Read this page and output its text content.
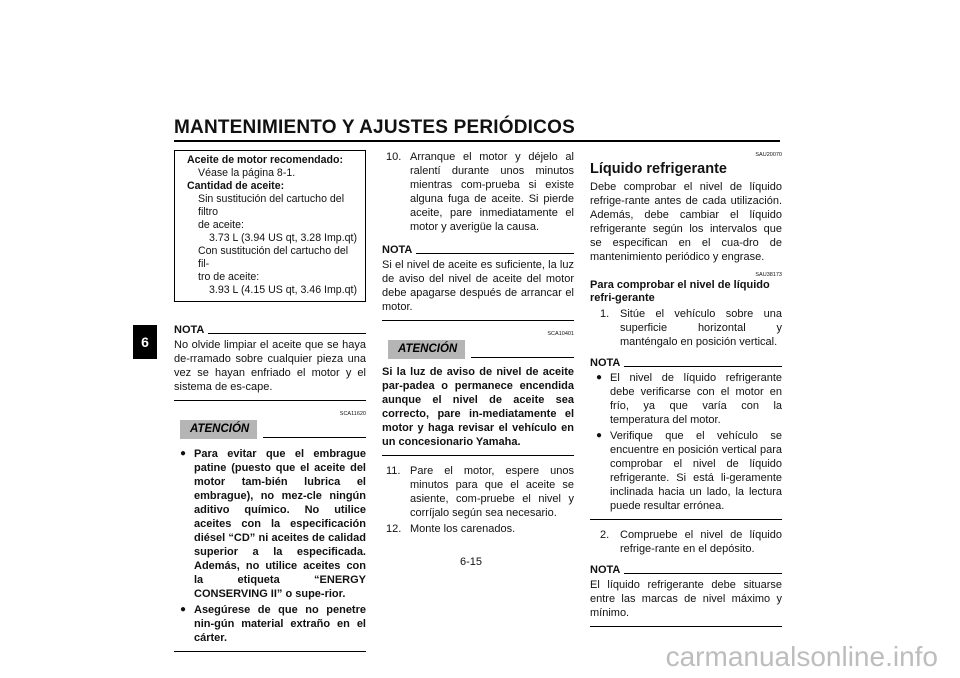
MANTENIMIENTO Y AJUSTES PERIÓDICOS
6
Aceite de motor recomendado:
Véase la página 8-1.
Cantidad de aceite:
Sin sustitución del cartucho del filtro
de aceite:
3.73 L (3.94 US qt, 3.28 Imp.qt)
Con sustitución del cartucho del fil-
tro de aceite:
3.93 L (4.15 US qt, 3.46 Imp.qt)
NOTA

No olvide limpiar el aceite que se haya de-rramado sobre cualquier pieza una vez se hayan enfriado el motor y el sistema de es-cape.

SCA11620
ATENCIÓN
● Para evitar que el embrague patine (puesto que el aceite del motor tam-bién lubrica el embrague), no mez-cle ningún aditivo químico. No utilice aceites con la especificación diésel “CD” ni aceites de calidad superior a la especificada. Además, no utilice aceites con la etiqueta “ENERGY CONSERVING II” o supe-rior.
● Asegúrese de que no penetre nin-gún material extraño en el cárter.
10. Arranque el motor y déjelo al ralentí durante unos minutos mientras com-prueba si existe alguna fuga de aceite. Si pierde aceite, pare inmediatamente el motor y averigüe la causa.
NOTA

Si el nivel de aceite es suficiente, la luz de aviso del nivel de aceite del motor debe apagarse después de arrancar el motor.

SCA10401
ATENCIÓN

Si la luz de aviso de nivel de aceite par-padea o permanece encendida aunque el nivel de aceite sea correcto, pare in-mediatamente el motor y haga revisar el vehículo en un concesionario Yamaha.

11. Pare el motor, espere unos minutos para que el aceite se asiente, com-pruebe el nivel y corríjalo según sea necesario.
12. Monte los carenados.
SAU20070
Líquido refrigerante

Debe comprobar el nivel de líquido refrige-rante antes de cada utilización. Además, debe cambiar el líquido refrigerante según los intervalos que se especifican en el cua-dro de mantenimiento periódico y engrase.

SAU38173
Para comprobar el nivel de líquido refri-gerante
1. Sitúe el vehículo sobre una superficie horizontal y manténgalo en posición vertical.
NOTA
● El nivel de líquido refrigerante debe verificarse con el motor en frío, ya que varía con la temperatura del motor.
● Verifique que el vehículo se encuentre en posición vertical para comprobar el nivel de líquido refrigerante. Si está li-geramente inclinada hacia un lado, la lectura puede resultar errónea.
2. Compruebe el nivel de líquido refrige-rante en el depósito.
NOTA

El líquido refrigerante debe situarse entre las marcas de nivel máximo y mínimo.

6-15
carmanualsonline.info
